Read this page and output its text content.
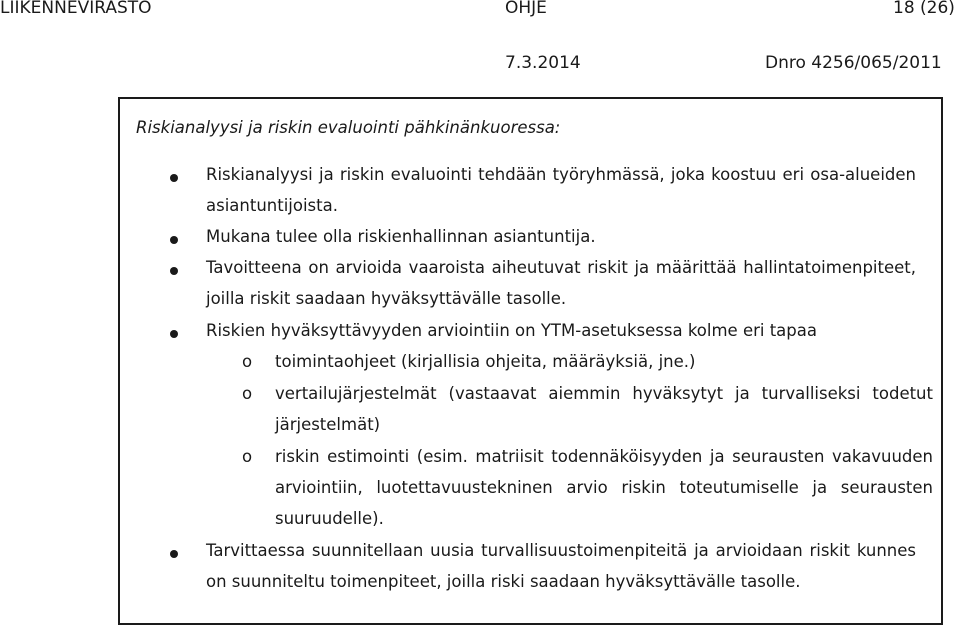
LIIKENNEVIRASTO	OHJE	18 (26)
7.3.2014	Dnro 4256/065/2011
Riskianalyysi ja riskin evaluointi pähkinänkuoressa:
Riskianalyysi ja riskin evaluointi tehdään työryhmässä, joka koostuu eri osa-alueiden asiantuntijoista.
Mukana tulee olla riskienhallinnan asiantuntija.
Tavoitteena on arvioida vaaroista aiheutuvat riskit ja määrittää hallintatoimenpiteet, joilla riskit saadaan hyväksyttävälle tasolle.
Riskien hyväksyttävyyden arviointiin on YTM-asetuksessa kolme eri tapaa
o toimintaohjeet (kirjallisia ohjeita, määräyksiä, jne.)
o vertailujärjestelmät (vastaavat aiemmin hyväksytyt ja turvalliseksi todetut järjestelmät)
o riskin estimointi (esim. matriisit todennäköisyyden ja seurausten vakavuuden arviointiin, luotettavuustekninen arvio riskin toteutumiselle ja seurausten suuruudelle).
Tarvittaessa suunnitellaan uusia turvallisuustoimenpiteitä ja arvioidaan riskit kunnes on suunniteltu toimenpiteet, joilla riski saadaan hyväksyttävälle tasolle.
